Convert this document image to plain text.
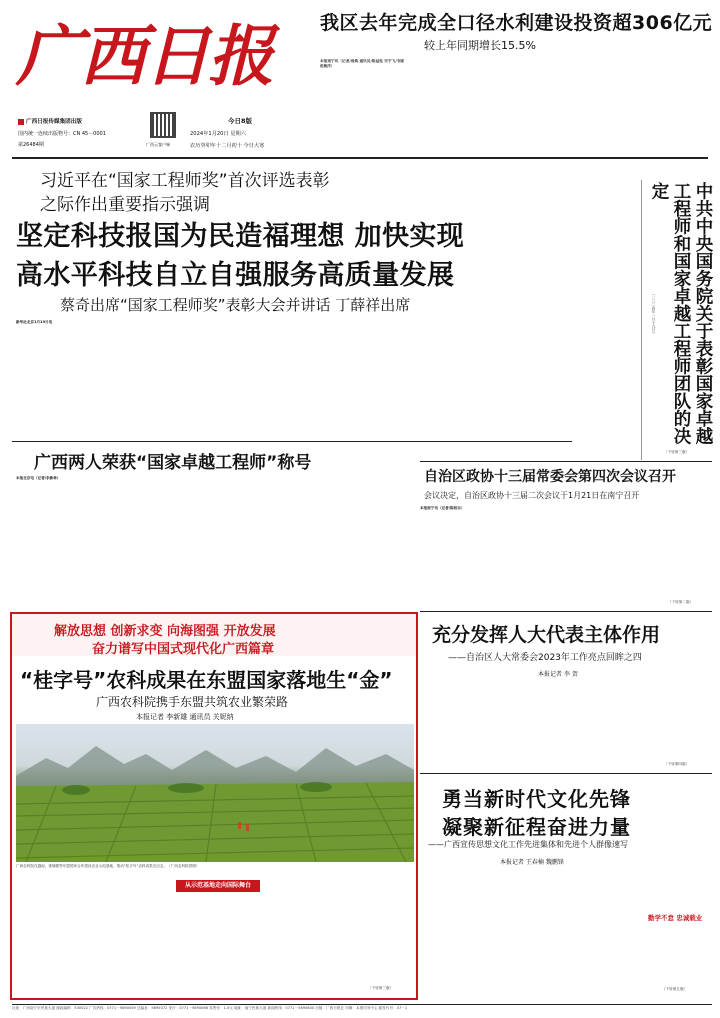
广西日报
广西日报传媒集团出版
国内统一连续出版物号：CN 45－0001
第26484期	广西云客户端
今日8版
2024年1月20日 星期六
农历癸卯年十二月初十 今日大寒
我区去年完成全口径水利建设投资超306亿元
较上年同期增长15.5%
本报南宁讯（记者/周焕 通讯员/陈益桂 宋宇飞/韦刚 赵敏洋）
习近平在“国家工程师奖”首次评选表彰
之际作出重要指示强调
坚定科技报国为民造福理想 加快实现
高水平科技自立自强服务高质量发展
蔡奇出席“国家工程师奖”表彰大会并讲话 丁薛祥出席
新华社北京1月19日电	中共中央国务院关于表彰国家卓越工程师和国家卓越工程师团队的决定
（二〇二四年一月十九日）
（下转第三版）
广西两人荣获“国家卓越工程师”称号
本报北京电（记者/李新林）	自治区政协十三届常委会第四次会议召开
会议决定，自治区政协十三届二次会议于1月21日在南宁召开
本报南宁讯（记者/陈柏乐）
（下转第二版）
解放思想 创新求变 向海图强 开放发展
奋力谱写中国式现代化广西篇章
“桂字号”农科成果在东盟国家落地生“金”
广西农科院携手东盟共筑农业繁荣路
本报记者 李新雄 通讯员 关妮纳
广西农科院在越南、柬埔寨等东盟国家合作建设农业示范基地，推动“桂字号”农科成果走出去。（广西农科院供图）
从示范基地走向国际舞台
（下转第三版）
充分发挥人大代表主体作用
——自治区人大常委会2023年工作亮点回眸之四
本报记者 李 贺
（下转第四版）
勇当新时代文化先锋
凝聚新征程奋进力量
——广西宣传思想文化工作先进集体和先进个人群像速写
本报记者 王春楠 魏鹏锋
勤学不怠 忠诚载业
（下转第五版）
社址：广西南宁市民族大道 邮政编码：530022 广告热线：0771－5690059 总编室：5695072 发行：0771－5690066 零售价：1.5元 地址：南宁民族大道 新闻热线：0771－5690800 出版：广西日报社 印刷：本报印务中心 邮发代号：47－1
